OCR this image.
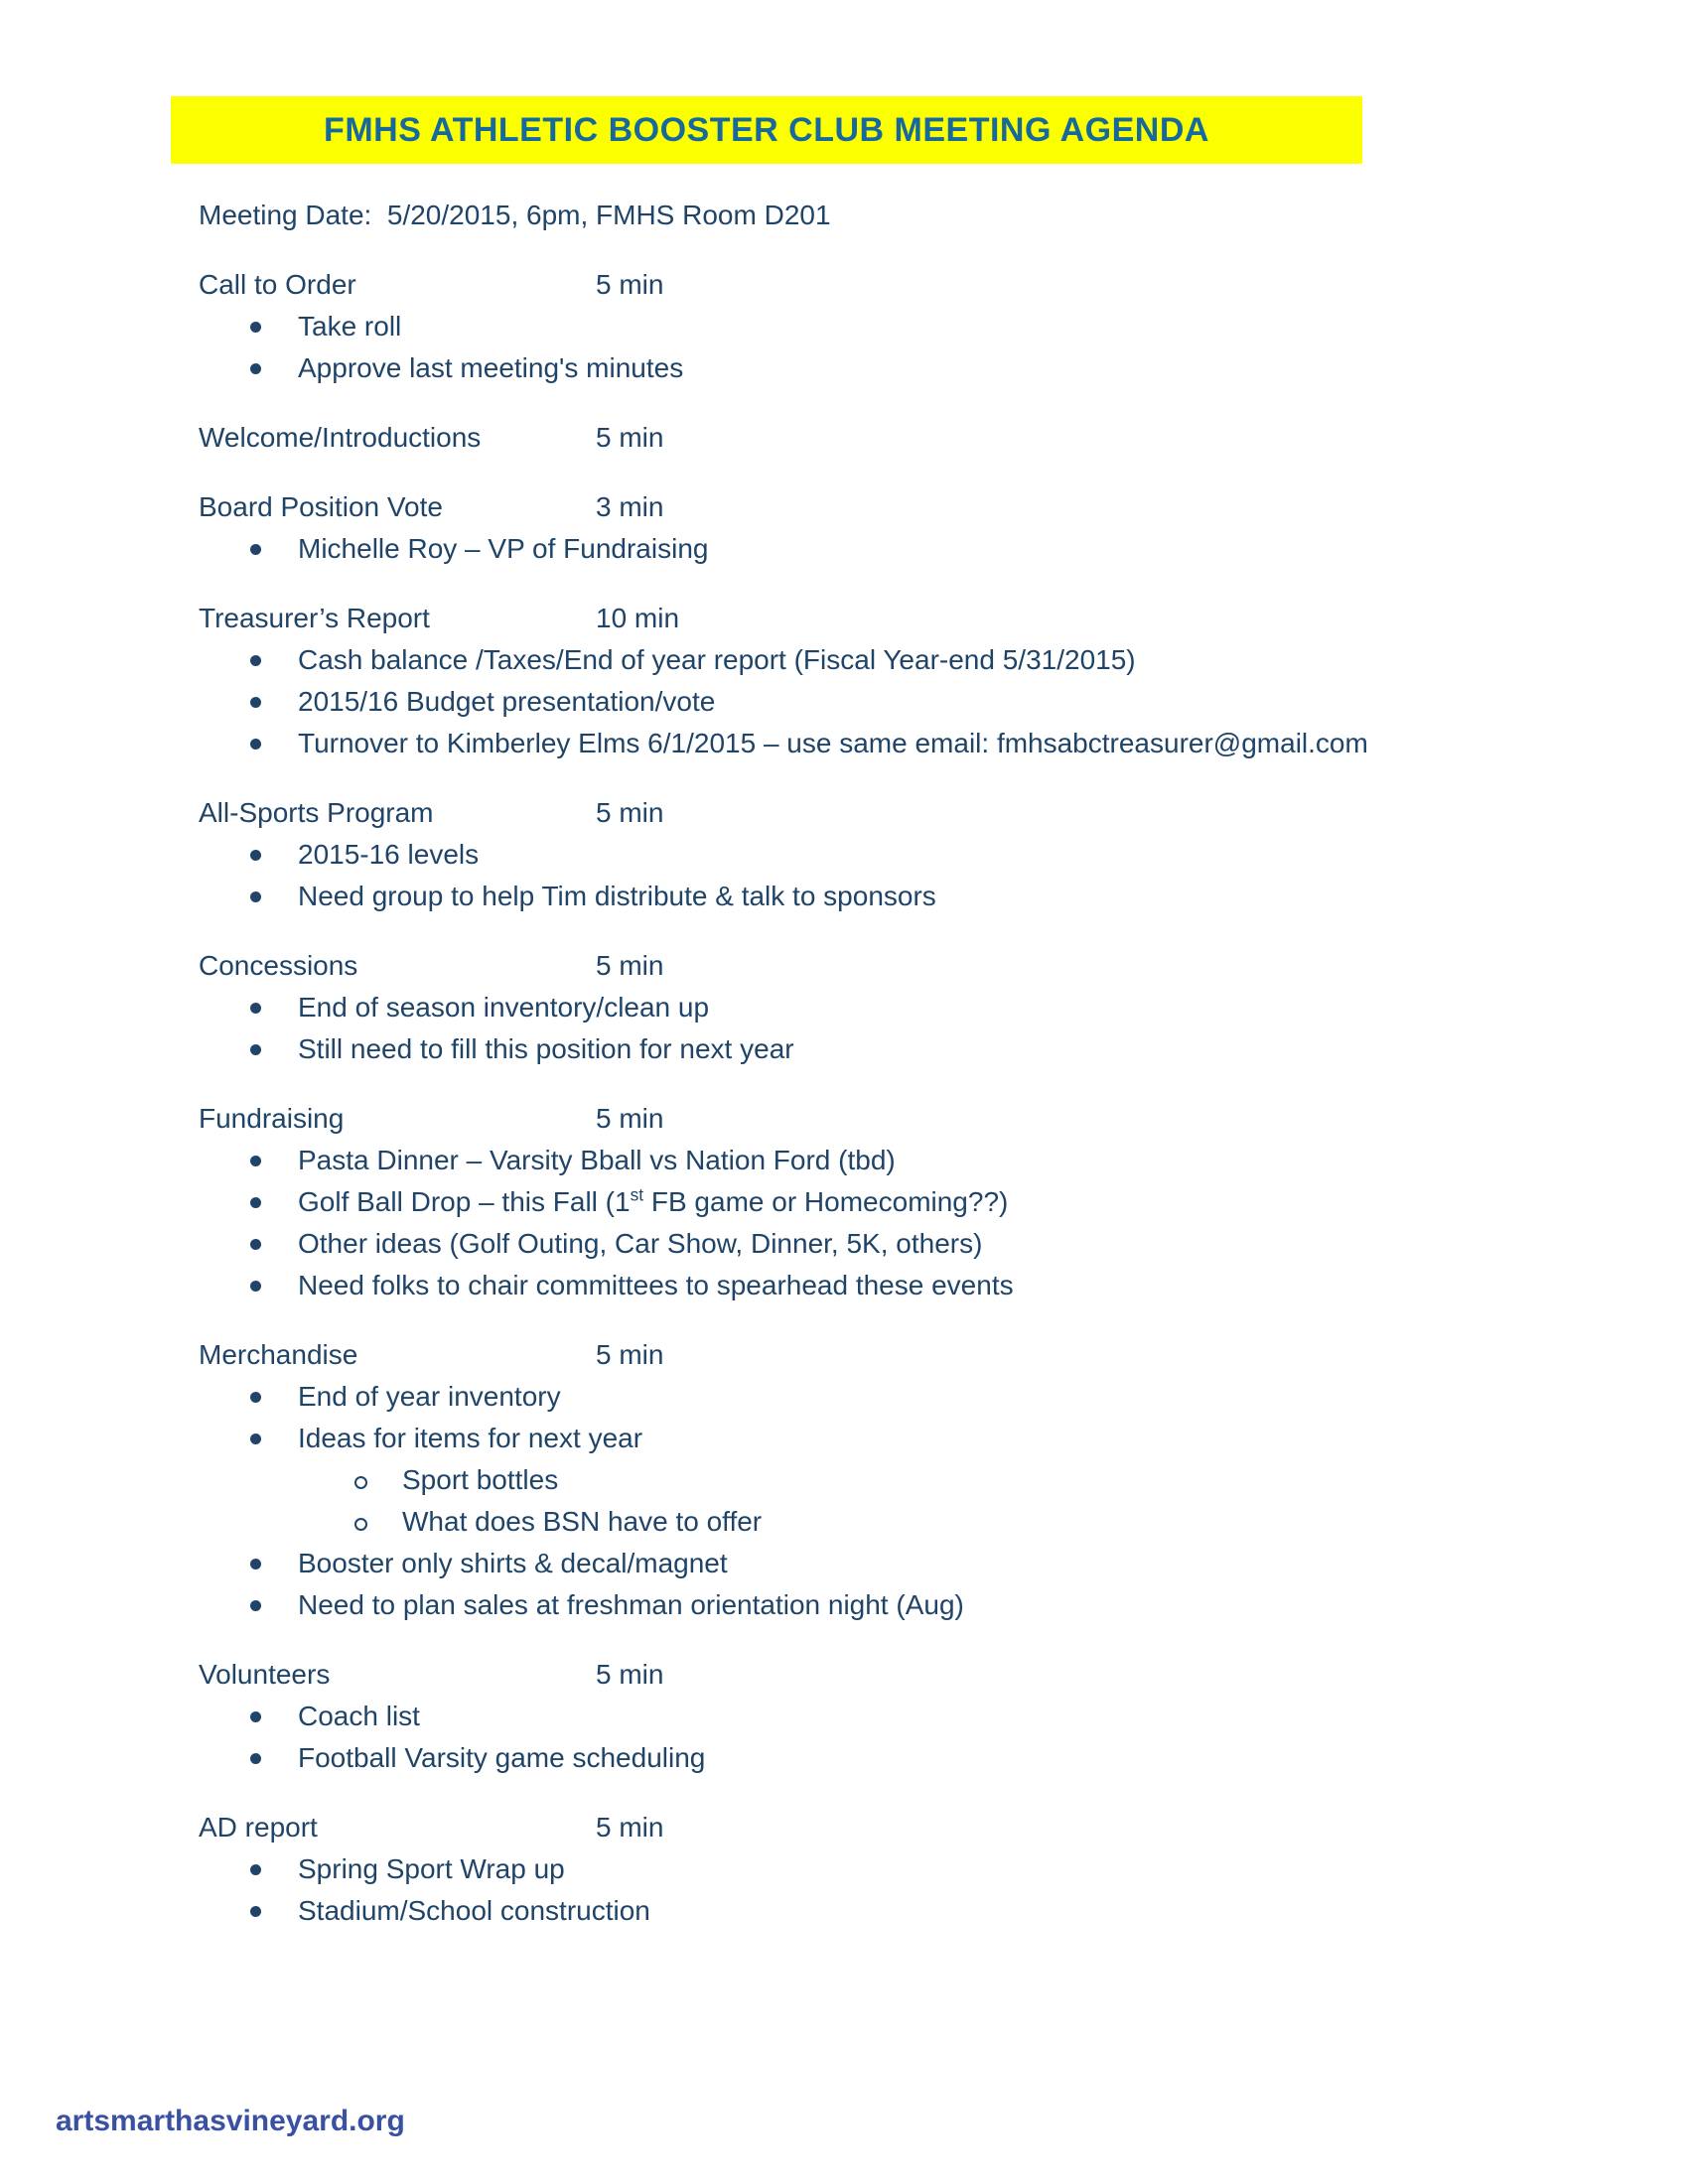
FMHS ATHLETIC BOOSTER CLUB MEETING AGENDA
Meeting Date:  5/20/2015, 6pm, FMHS Room D201
Call to Order	5 min
Take roll
Approve last meeting's minutes
Welcome/Introductions	5 min
Board Position Vote	3 min
Michelle Roy – VP of Fundraising
Treasurer’s Report	10 min
Cash balance /Taxes/End of year report (Fiscal Year-end 5/31/2015)
2015/16 Budget presentation/vote
Turnover to Kimberley Elms 6/1/2015 – use same email: fmhsabctreasurer@gmail.com
All-Sports Program	5 min
2015-16 levels
Need group to help Tim distribute & talk to sponsors
Concessions	5 min
End of season inventory/clean up
Still need to fill this position for next year
Fundraising	5 min
Pasta Dinner – Varsity Bball vs Nation Ford (tbd)
Golf Ball Drop – this Fall (1st FB game or Homecoming??)
Other ideas (Golf Outing, Car Show, Dinner, 5K, others)
Need folks to chair committees to spearhead these events
Merchandise	5 min
End of year inventory
Ideas for items for next year
Sport bottles
What does BSN have to offer
Booster only shirts & decal/magnet
Need to plan sales at freshman orientation night (Aug)
Volunteers	5 min
Coach list
Football Varsity game scheduling
AD report	5 min
Spring Sport Wrap up
Stadium/School construction
artsmarthasvineyard.org
